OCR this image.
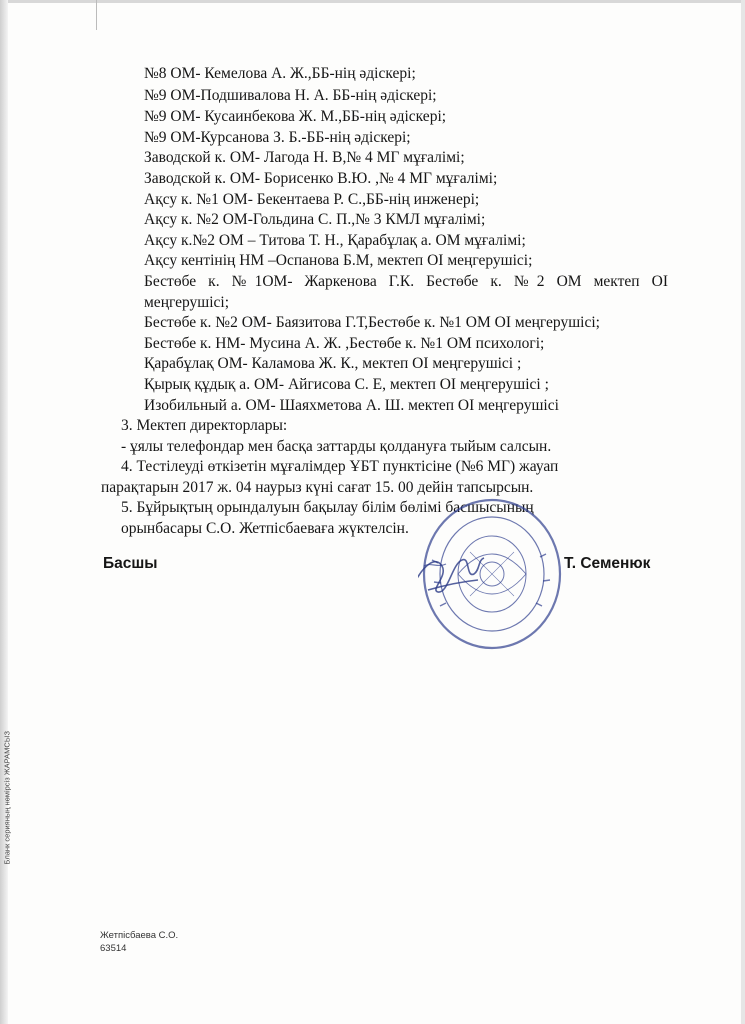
№8 ОМ- Кемелова А. Ж.,ББ-нің әдіскері;
№9 ОМ-Подшивалова Н. А. ББ-нің әдіскері;
№9 ОМ- Кусаинбекова Ж. М.,ББ-нің әдіскері;
№9 ОМ-Курсанова З. Б.-ББ-нің әдіскері;
Заводской к. ОМ- Лагода Н. В,№ 4 МГ мұғалімі;
Заводской к. ОМ- Борисенко В.Ю. ,№ 4 МГ мұғалімі;
Ақсу к. №1 ОМ- Бекентаева Р. С.,ББ-нің инженері;
Ақсу к. №2 ОМ-Гольдина С. П.,№ 3 КМЛ мұғалімі;
Ақсу к.№2 ОМ – Титова Т. Н., Қарабұлақ а. ОМ мұғалімі;
Ақсу кентінің НМ –Оспанова Б.М, мектеп ОІ меңгерушісі;
Бестөбе к. №1ОМ- Жаркенова Г.К. Бестөбе к. №2 ОМ мектеп ОІ
меңгерушісі;
Бестөбе к. №2 ОМ- Баязитова Г.Т,Бестөбе к. №1 ОМ ОІ меңгерушісі;
Бестөбе к. НМ- Мусина А. Ж. ,Бестөбе к. №1 ОМ психологі;
Қарабұлақ ОМ- Каламова Ж. К., мектеп ОІ меңгерушісі ;
Қырық құдық а. ОМ- Айгисова С. Е, мектеп ОІ меңгерушісі ;
Изобильный а. ОМ- Шаяхметова А. Ш. мектеп ОІ меңгерушісі
3. Мектеп директорлары:
- ұялы телефондар мен басқа заттарды қолдануға тыйым салсын.
4. Тестілеуді өткізетін мұғалімдер ҰБТ пунктісіне (№6 МГ) жауап
парақтарын 2017 ж. 04 наурыз күні сағат 15. 00 дейін тапсырсын.
5. Бұйрықтың орындалуын бақылау білім бөлімі басшысының
орынбасары С.О. Жетпісбаевағa жүктелсін.
Басшы	Т. Семенюк
Бланк серияның нөмірсіз ЖАРАМСЫЗ
Жетпісбаева С.О.
63514
